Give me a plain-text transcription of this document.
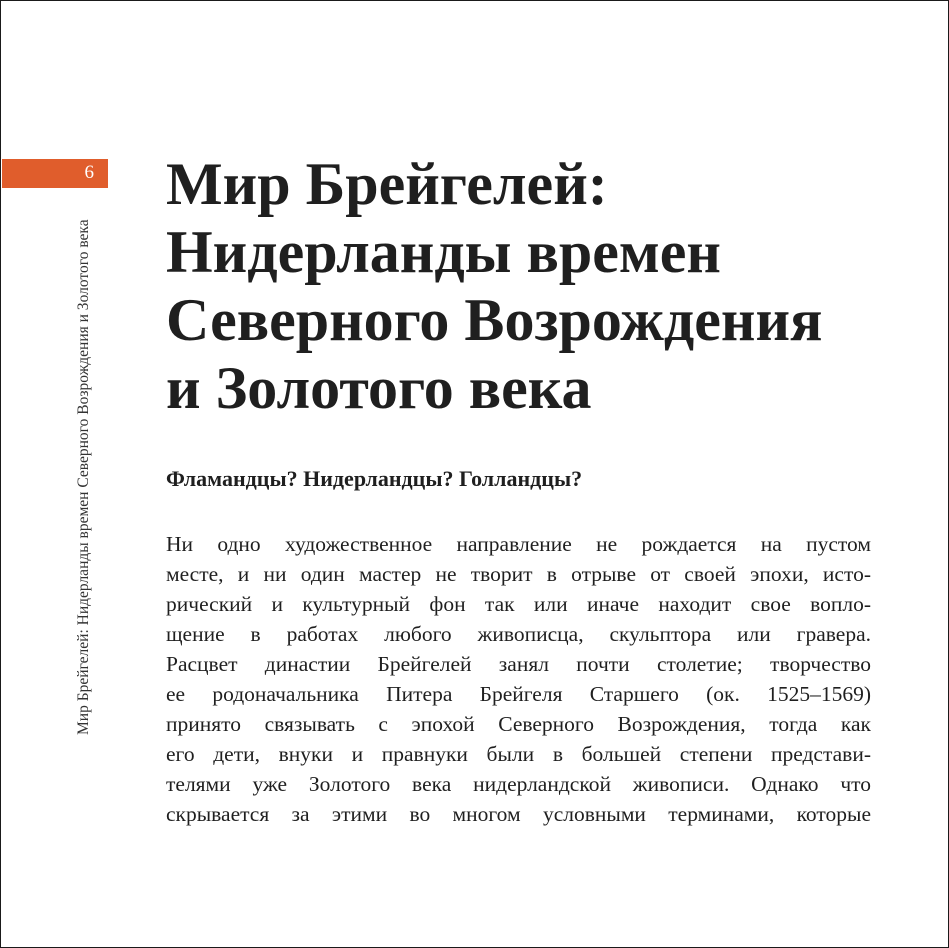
6
Мир Брейгелей: Нидерланды времен Северного Возрождения и Золотого века
Мир Брейгелей:
Нидерланды времен
Северного Возрождения
и Золотого века
Фламандцы? Нидерландцы? Голландцы?
Ни одно художественное направление не рождается на пустом
месте, и ни один мастер не творит в отрыве от своей эпохи, исто-
рический и культурный фон так или иначе находит свое вопло-
щение в работах любого живописца, скульптора или гравера.
Расцвет династии Брейгелей занял почти столетие; творчество
ее родоначальника Питера Брейгеля Старшего (ок. 1525–1569)
принято связывать с эпохой Северного Возрождения, тогда как
его дети, внуки и правнуки были в большей степени представи-
телями уже Золотого века нидерландской живописи. Однако что
скрывается за этими во многом условными терминами, которые
